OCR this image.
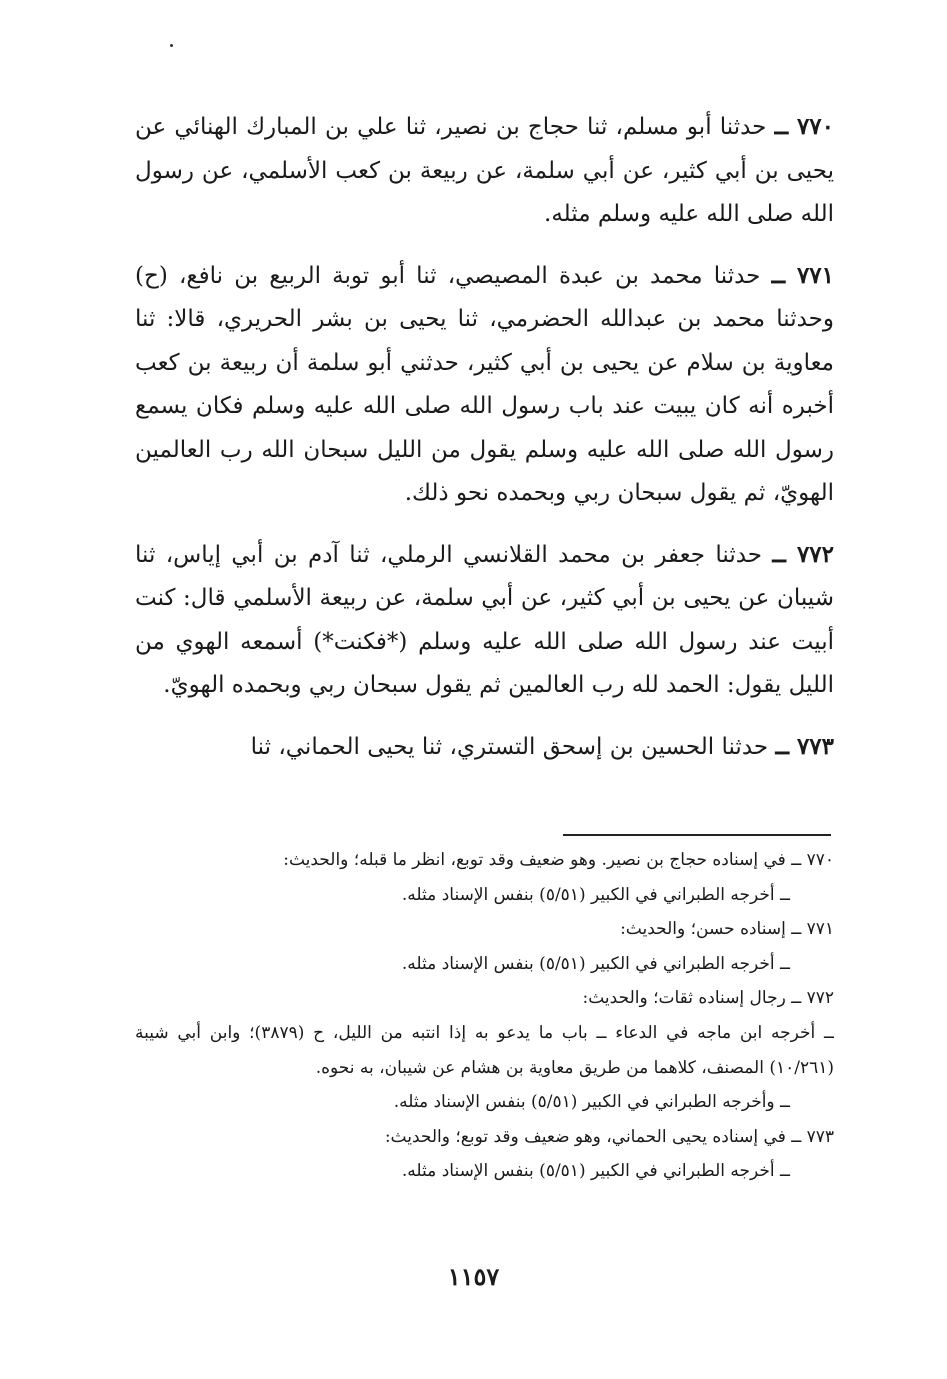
٧٧٠ ــ حدثنا أبو مسلم، ثنا حجاج بن نصير، ثنا علي بن المبارك الهنائي عن يحيى بن أبي كثير، عن أبي سلمة، عن ربيعة بن كعب الأسلمي، عن رسول الله صلى الله عليه وسلم مثله.

٧٧١ ــ حدثنا محمد بن عبدة المصيصي، ثنا أبو توبة الربيع بن نافع، (ح) وحدثنا محمد بن عبدالله الحضرمي، ثنا يحيى بن بشر الحريري، قالا: ثنا معاوية بن سلام عن يحيى بن أبي كثير، حدثني أبو سلمة أن ربيعة بن كعب أخبره أنه كان يبيت عند باب رسول الله صلى الله عليه وسلم فكان يسمع رسول الله صلى الله عليه وسلم يقول من الليل سبحان الله رب العالمين الهويّ، ثم يقول سبحان ربي وبحمده نحو ذلك.

٧٧٢ ــ حدثنا جعفر بن محمد القلانسي الرملي، ثنا آدم بن أبي إياس، ثنا شيبان عن يحيى بن أبي كثير، عن أبي سلمة، عن ربيعة الأسلمي قال: كنت أبيت عند رسول الله صلى الله عليه وسلم (*فكنت*) أسمعه الهوي من الليل يقول: الحمد لله رب العالمين ثم يقول سبحان ربي وبحمده الهويّ.

٧٧٣ ــ حدثنا الحسين بن إسحق التستري، ثنا يحيى الحماني، ثنا

٧٧٠ ــ في إسناده حجاج بن نصير. وهو ضعيف وقد توبع، انظر ما قبله؛ والحديث:
ــ أخرجه الطبراني في الكبير (٥/٥١) بنفس الإسناد مثله.
٧٧١ ــ إسناده حسن؛ والحديث:
ــ أخرجه الطبراني في الكبير (٥/٥١) بنفس الإسناد مثله.
٧٧٢ ــ رجال إسناده ثقات؛ والحديث:
ــ أخرجه ابن ماجه في الدعاء ــ باب ما يدعو به إذا انتبه من الليل، ح (٣٨٧٩)؛ وابن أبي شيبة (١٠/٢٦١) المصنف، كلاهما من طريق معاوية بن هشام عن شيبان، به نحوه.
ــ وأخرجه الطبراني في الكبير (٥/٥١) بنفس الإسناد مثله.
٧٧٣ ــ في إسناده يحيى الحماني، وهو ضعيف وقد توبع؛ والحديث:
ــ أخرجه الطبراني في الكبير (٥/٥١) بنفس الإسناد مثله.
١١٥٧
